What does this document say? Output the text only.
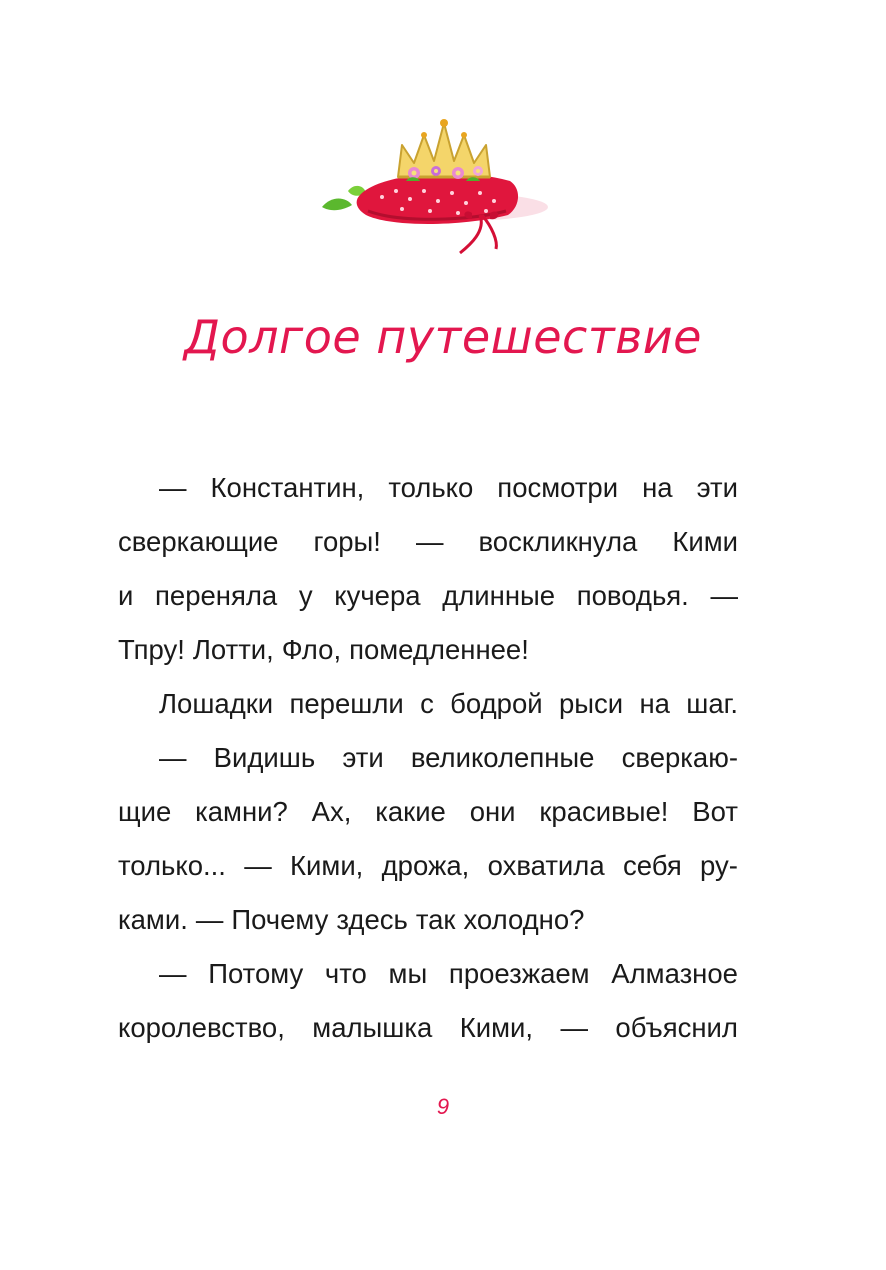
Долгое путешествие
— Константин, только посмотри на эти
сверкающие горы! — воскликнула Кими
и переняла у кучера длинные поводья. —
Тпру! Лотти, Фло, помедленнее!
Лошадки перешли с бодрой рыси на шаг.
— Видишь эти великолепные сверкаю-
щие камни? Ах, какие они красивые! Вот
только... — Кими, дрожа, охватила себя ру-
ками. — Почему здесь так холодно?
— Потому что мы проезжаем Алмазное
королевство, малышка Кими, — объяснил
9
